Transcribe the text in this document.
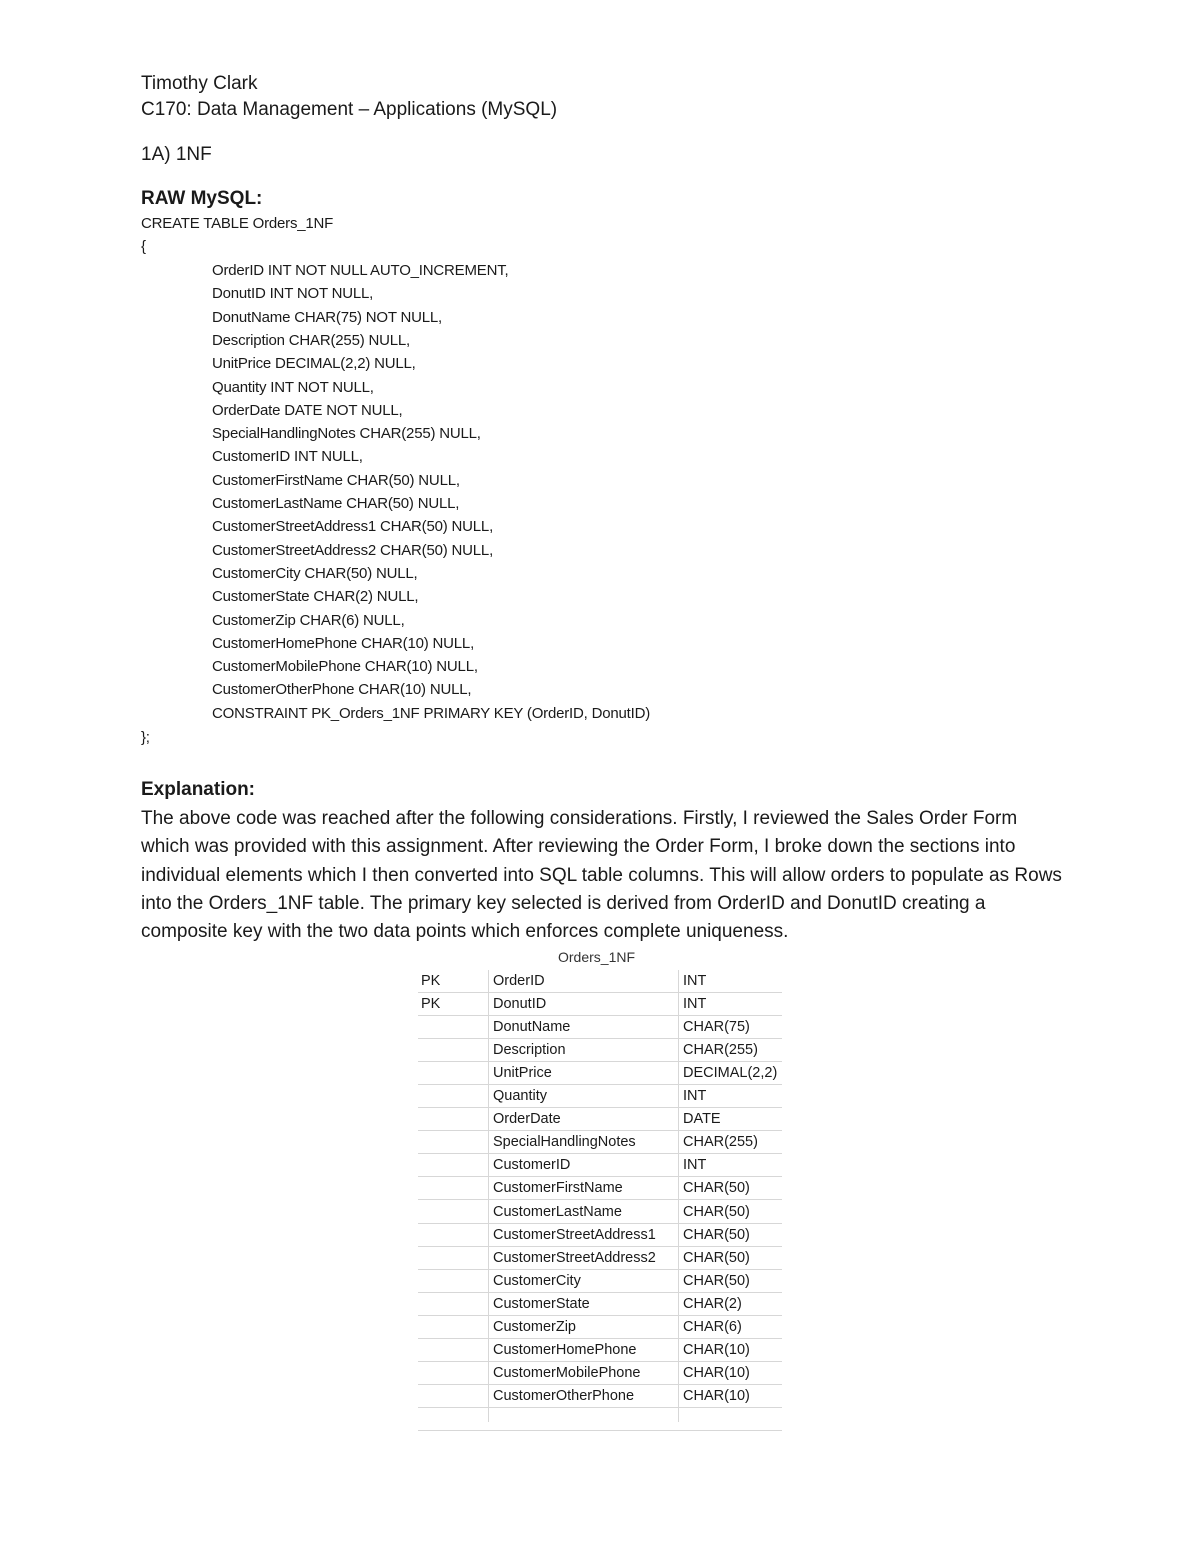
Timothy Clark
C170: Data Management – Applications (MySQL)
1A) 1NF
RAW MySQL:
CREATE TABLE Orders_1NF
{
OrderID INT NOT NULL AUTO_INCREMENT,
DonutID INT NOT NULL,
DonutName CHAR(75) NOT NULL,
Description CHAR(255) NULL,
UnitPrice DECIMAL(2,2) NULL,
Quantity INT NOT NULL,
OrderDate DATE NOT NULL,
SpecialHandlingNotes CHAR(255) NULL,
CustomerID INT NULL,
CustomerFirstName CHAR(50) NULL,
CustomerLastName CHAR(50) NULL,
CustomerStreetAddress1 CHAR(50) NULL,
CustomerStreetAddress2 CHAR(50) NULL,
CustomerCity CHAR(50) NULL,
CustomerState CHAR(2) NULL,
CustomerZip CHAR(6) NULL,
CustomerHomePhone CHAR(10) NULL,
CustomerMobilePhone CHAR(10) NULL,
CustomerOtherPhone CHAR(10) NULL,
CONSTRAINT PK_Orders_1NF PRIMARY KEY (OrderID, DonutID)
};
Explanation:
The above code was reached after the following considerations. Firstly, I reviewed the Sales Order Form which was provided with this assignment. After reviewing the Order Form, I broke down the sections into individual elements which I then converted into SQL table columns. This will allow orders to populate as Rows into the Orders_1NF table. The primary key selected is derived from OrderID and DonutID creating a composite key with the two data points which enforces complete uniqueness.
Orders_1NF
PK	OrderID	INT
PK	DonutID	INT
DonutName	CHAR(75)
Description	CHAR(255)
UnitPrice	DECIMAL(2,2)
Quantity	INT
OrderDate	DATE
SpecialHandlingNotes	CHAR(255)
CustomerID	INT
CustomerFirstName	CHAR(50)
CustomerLastName	CHAR(50)
CustomerStreetAddress1 CHAR(50)
CustomerStreetAddress2 CHAR(50)
CustomerCity	CHAR(50)
CustomerState	CHAR(2)
CustomerZip	CHAR(6)
CustomerHomePhone	CHAR(10)
CustomerMobilePhone	CHAR(10)
CustomerOtherPhone	CHAR(10)
